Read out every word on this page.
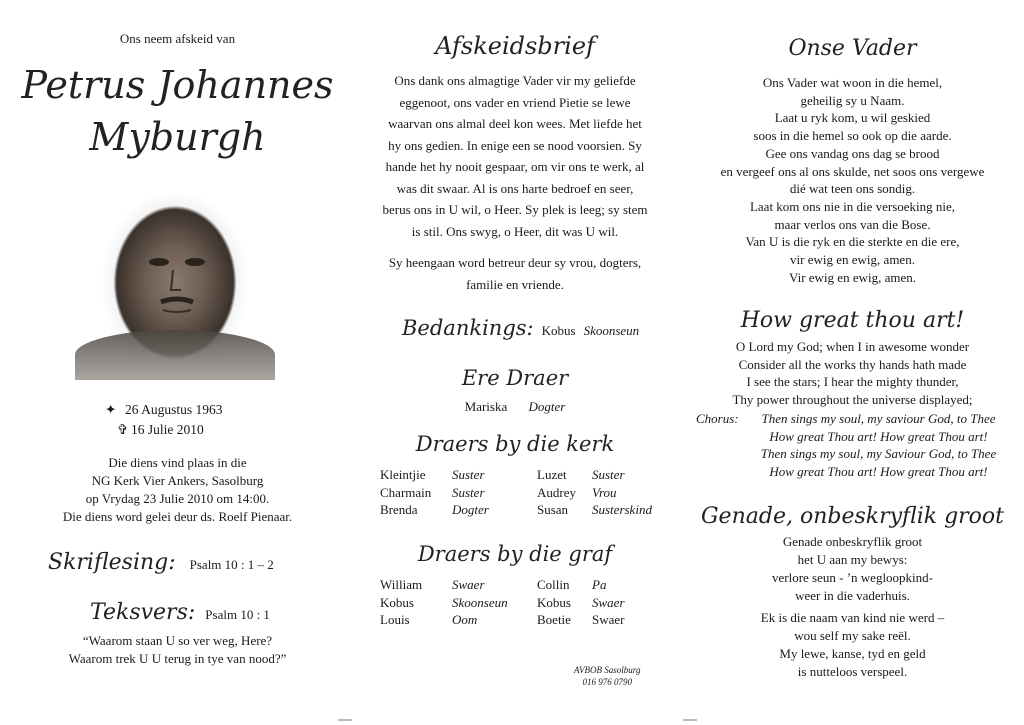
Ons neem afskeid van
Petrus Johannes
Myburgh
✦ 26 Augustus 1963
✞ 16 Julie 2010
Die diens vind plaas in die
NG Kerk Vier Ankers, Sasolburg
op Vrydag 23 Julie 2010 om 14:00.
Die diens word gelei deur ds. Roelf Pienaar.
Skriflesing: Psalm 10 : 1 – 2
Teksvers: Psalm 10 : 1
“Waarom staan U so ver weg, Here?
Waarom trek U U terug in tye van nood?”
Afskeidsbrief
Ons dank ons almagtige Vader vir my geliefde
eggenoot, ons vader en vriend Pietie se lewe
waarvan ons almal deel kon wees. Met liefde het
hy ons gedien. In enige een se nood voorsien. Sy
hande het hy nooit gespaar, om vir ons te werk, al
was dit swaar. Al is ons harte bedroef en seer,
berus ons in U wil, o Heer. Sy plek is leeg; sy stem
is stil. Ons swyg, o Heer, dit was U wil.
Sy heengaan word betreur deur sy vrou, dogters,
familie en vriende.
Bedankings: Kobus Skoonseun
Ere Draer
Mariska Dogter
Draers by die kerk
Kleintjie	Suster	Luzet	Suster
Charmain	Suster	Audrey	Vrou
Brenda	Dogter	Susan	Susterskind
Draers by die graf
William	Swaer	Collin	Pa
Kobus	Skoonseun	Kobus	Swaer
Louis	Oom	Boetie	Swaer
AVBOB Sasolburg
016 976 0790
Onse Vader
Ons Vader wat woon in die hemel,
geheilig sy u Naam.
Laat u ryk kom, u wil geskied
soos in die hemel so ook op die aarde.
Gee ons vandag ons dag se brood
en vergeef ons al ons skulde, net soos ons vergewe
dié wat teen ons sondig.
Laat kom ons nie in die versoeking nie,
maar verlos ons van die Bose.
Van U is die ryk en die sterkte en die ere,
vir ewig en ewig, amen.
Vir ewig en ewig, amen.
How great thou art!
O Lord my God; when I in awesome wonder
Consider all the works thy hands hath made
I see the stars; I hear the mighty thunder,
Thy power throughout the universe displayed;
Chorus:	Then sings my soul, my saviour God, to Thee
How great Thou art! How great Thou art!
Then sings my soul, my Saviour God, to Thee
How great Thou art! How great Thou art!
Genade, onbeskryflik groot
Genade onbeskryflik groot
het U aan my bewys:
verlore seun - ’n wegloopkind-
weer in die vaderhuis.
Ek is die naam van kind nie werd –
wou self my sake reël.
My lewe, kanse, tyd en geld
is nutteloos verspeel.
